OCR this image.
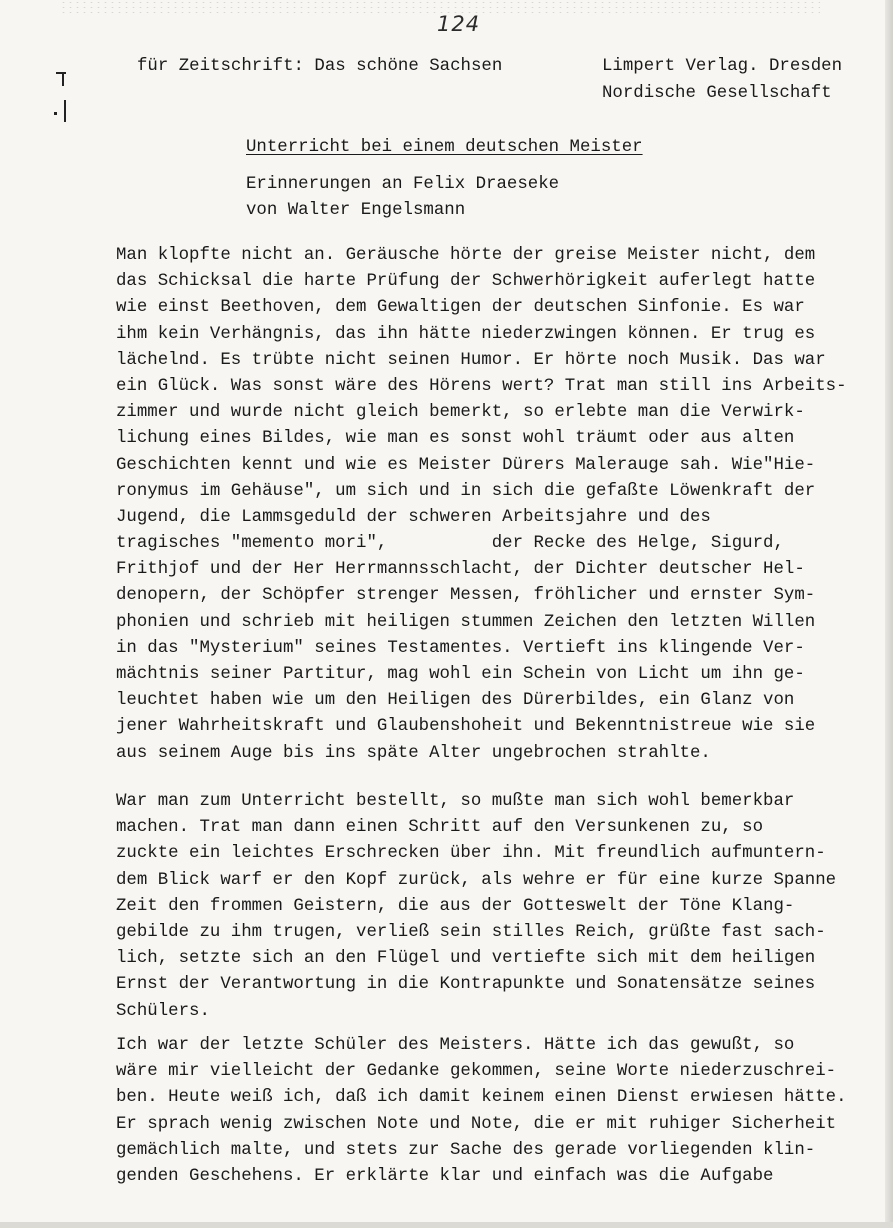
124
für Zeitschrift: Das schöne Sachsen	Limpert Verlag. Dresden
Nordische Gesellschaft
Unterricht bei einem deutschen Meister
Erinnerungen an Felix Draeseke
von Walter Engelsmann
Man klopfte nicht an. Geräusche hörte der greise Meister nicht, dem
das Schicksal die harte Prüfung der Schwerhörigkeit auferlegt hatte
wie einst Beethoven, dem Gewaltigen der deutschen Sinfonie. Es war
ihm kein Verhängnis, das ihn hätte niederzwingen können. Er trug es
lächelnd. Es trübte nicht seinen Humor. Er hörte noch Musik. Das war
ein Glück. Was sonst wäre des Hörens wert? Trat man still ins Arbeits-
zimmer und wurde nicht gleich bemerkt, so erlebte man die Verwirk-
lichung eines Bildes, wie man es sonst wohl träumt oder aus alten
Geschichten kennt und wie es Meister Dürers Malerauge sah. Wie"Hie-
ronymus im Gehäuse", um sich und in sich die gefaßte Löwenkraft der
Jugend, die Lammsgeduld der schweren Arbeitsjahre und des
tragisches "memento mori",          der Recke des Helge, Sigurd,
Frithjof und der Her Herrmannsschlacht, der Dichter deutscher Hel-
denopern, der Schöpfer strenger Messen, fröhlicher und ernster Sym-
phonien und schrieb mit heiligen stummen Zeichen den letzten Willen
in das "Mysterium" seines Testamentes. Vertieft ins klingende Ver-
mächtnis seiner Partitur, mag wohl ein Schein von Licht um ihn ge-
leuchtet haben wie um den Heiligen des Dürerbildes, ein Glanz von
jener Wahrheitskraft und Glaubenshoheit und Bekenntnistreue wie sie
aus seinem Auge bis ins späte Alter ungebrochen strahlte.
War man zum Unterricht bestellt, so mußte man sich wohl bemerkbar
machen. Trat man dann einen Schritt auf den Versunkenen zu, so
zuckte ein leichtes Erschrecken über ihn. Mit freundlich aufmuntern-
dem Blick warf er den Kopf zurück, als wehre er für eine kurze Spanne
Zeit den frommen Geistern, die aus der Gotteswelt der Töne Klang-
gebilde zu ihm trugen, verließ sein stilles Reich, grüßte fast sach-
lich, setzte sich an den Flügel und vertiefte sich mit dem heiligen
Ernst der Verantwortung in die Kontrapunkte und Sonatensätze seines
Schülers.
Ich war der letzte Schüler des Meisters. Hätte ich das gewußt, so
wäre mir vielleicht der Gedanke gekommen, seine Worte niederzuschrei-
ben. Heute weiß ich, daß ich damit keinem einen Dienst erwiesen hätte.
Er sprach wenig zwischen Note und Note, die er mit ruhiger Sicherheit
gemächlich malte, und stets zur Sache des gerade vorliegenden klin-
genden Geschehens. Er erklärte klar und einfach was die Aufgabe
